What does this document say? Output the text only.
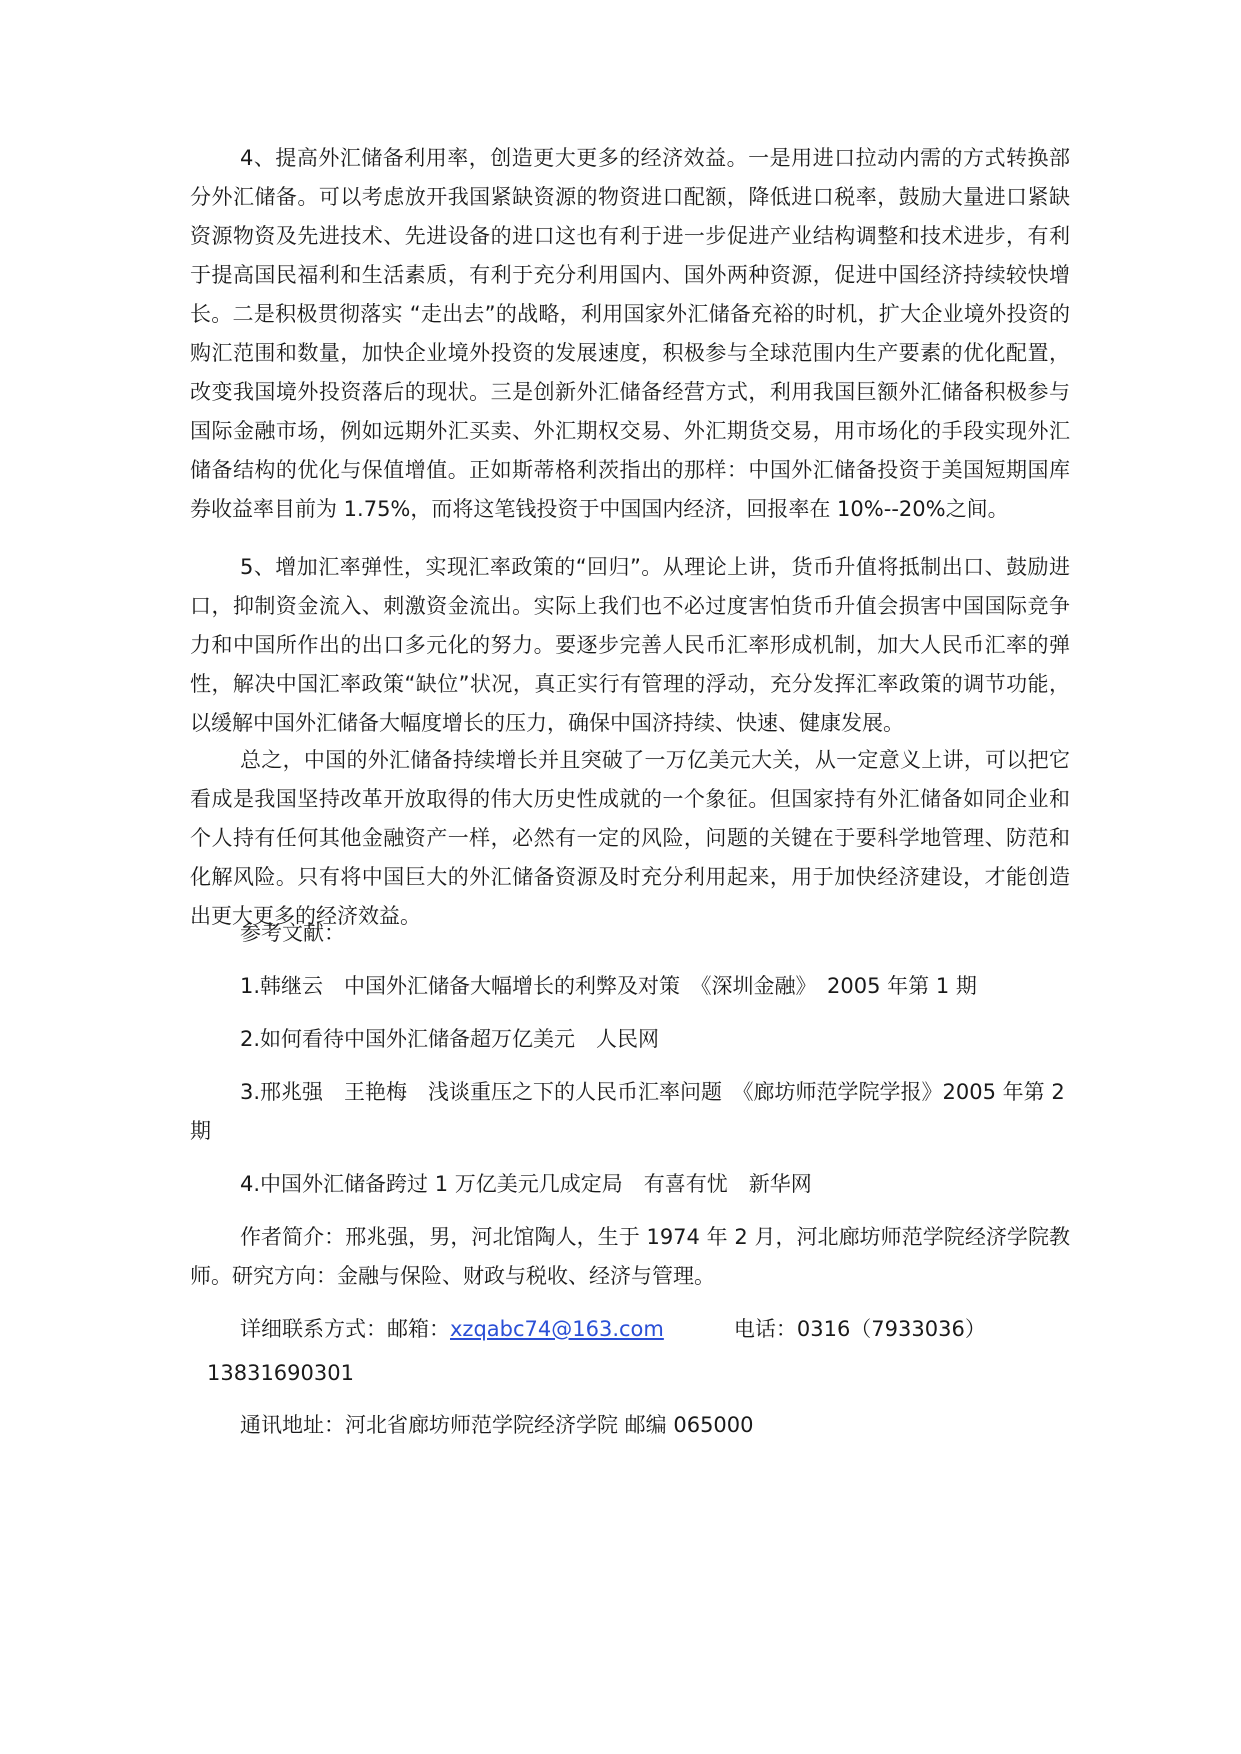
4、提高外汇储备利用率，创造更大更多的经济效益。一是用进口拉动内需的方式转换部分外汇储备。可以考虑放开我国紧缺资源的物资进口配额，降低进口税率，鼓励大量进口紧缺资源物资及先进技术、先进设备的进口这也有利于进一步促进产业结构调整和技术进步，有利于提高国民福利和生活素质，有利于充分利用国内、国外两种资源，促进中国经济持续较快增长。二是积极贯彻落实 “走出去”的战略，利用国家外汇储备充裕的时机，扩大企业境外投资的购汇范围和数量，加快企业境外投资的发展速度，积极参与全球范围内生产要素的优化配置，改变我国境外投资落后的现状。三是创新外汇储备经营方式，利用我国巨额外汇储备积极参与国际金融市场，例如远期外汇买卖、外汇期权交易、外汇期货交易，用市场化的手段实现外汇储备结构的优化与保值增值。正如斯蒂格利茨指出的那样：中国外汇储备投资于美国短期国库券收益率目前为 1.75%，而将这笔钱投资于中国国内经济，回报率在 10%--20%之间。

5、增加汇率弹性，实现汇率政策的“回归”。从理论上讲，货币升值将抵制出口、鼓励进口，抑制资金流入、刺激资金流出。实际上我们也不必过度害怕货币升值会损害中国国际竞争力和中国所作出的出口多元化的努力。要逐步完善人民币汇率形成机制，加大人民币汇率的弹性，解决中国汇率政策“缺位”状况，真正实行有管理的浮动，充分发挥汇率政策的调节功能，以缓解中国外汇储备大幅度增长的压力，确保中国济持续、快速、健康发展。

总之，中国的外汇储备持续增长并且突破了一万亿美元大关，从一定意义上讲，可以把它看成是我国坚持改革开放取得的伟大历史性成就的一个象征。但国家持有外汇储备如同企业和个人持有任何其他金融资产一样，必然有一定的风险，问题的关键在于要科学地管理、防范和化解风险。只有将中国巨大的外汇储备资源及时充分利用起来，用于加快经济建设，才能创造出更大更多的经济效益。

参考文献：

1.韩继云　中国外汇储备大幅增长的利弊及对策　《深圳金融》　2005 年第 1 期

2.如何看待中国外汇储备超万亿美元　人民网

3.邢兆强　王艳梅　浅谈重压之下的人民币汇率问题　《廊坊师范学院学报》2005 年第 2 期

4.中国外汇储备跨过 1 万亿美元几成定局　有喜有忧　新华网

作者简介：邢兆强，男，河北馆陶人，生于 1974 年 2 月，河北廊坊师范学院经济学院教师。研究方向：金融与保险、财政与税收、经济与管理。

详细联系方式：邮箱：xzqabc74@163.com	电话：0316（7933036）

13831690301

通讯地址：河北省廊坊师范学院经济学院 邮编 065000
